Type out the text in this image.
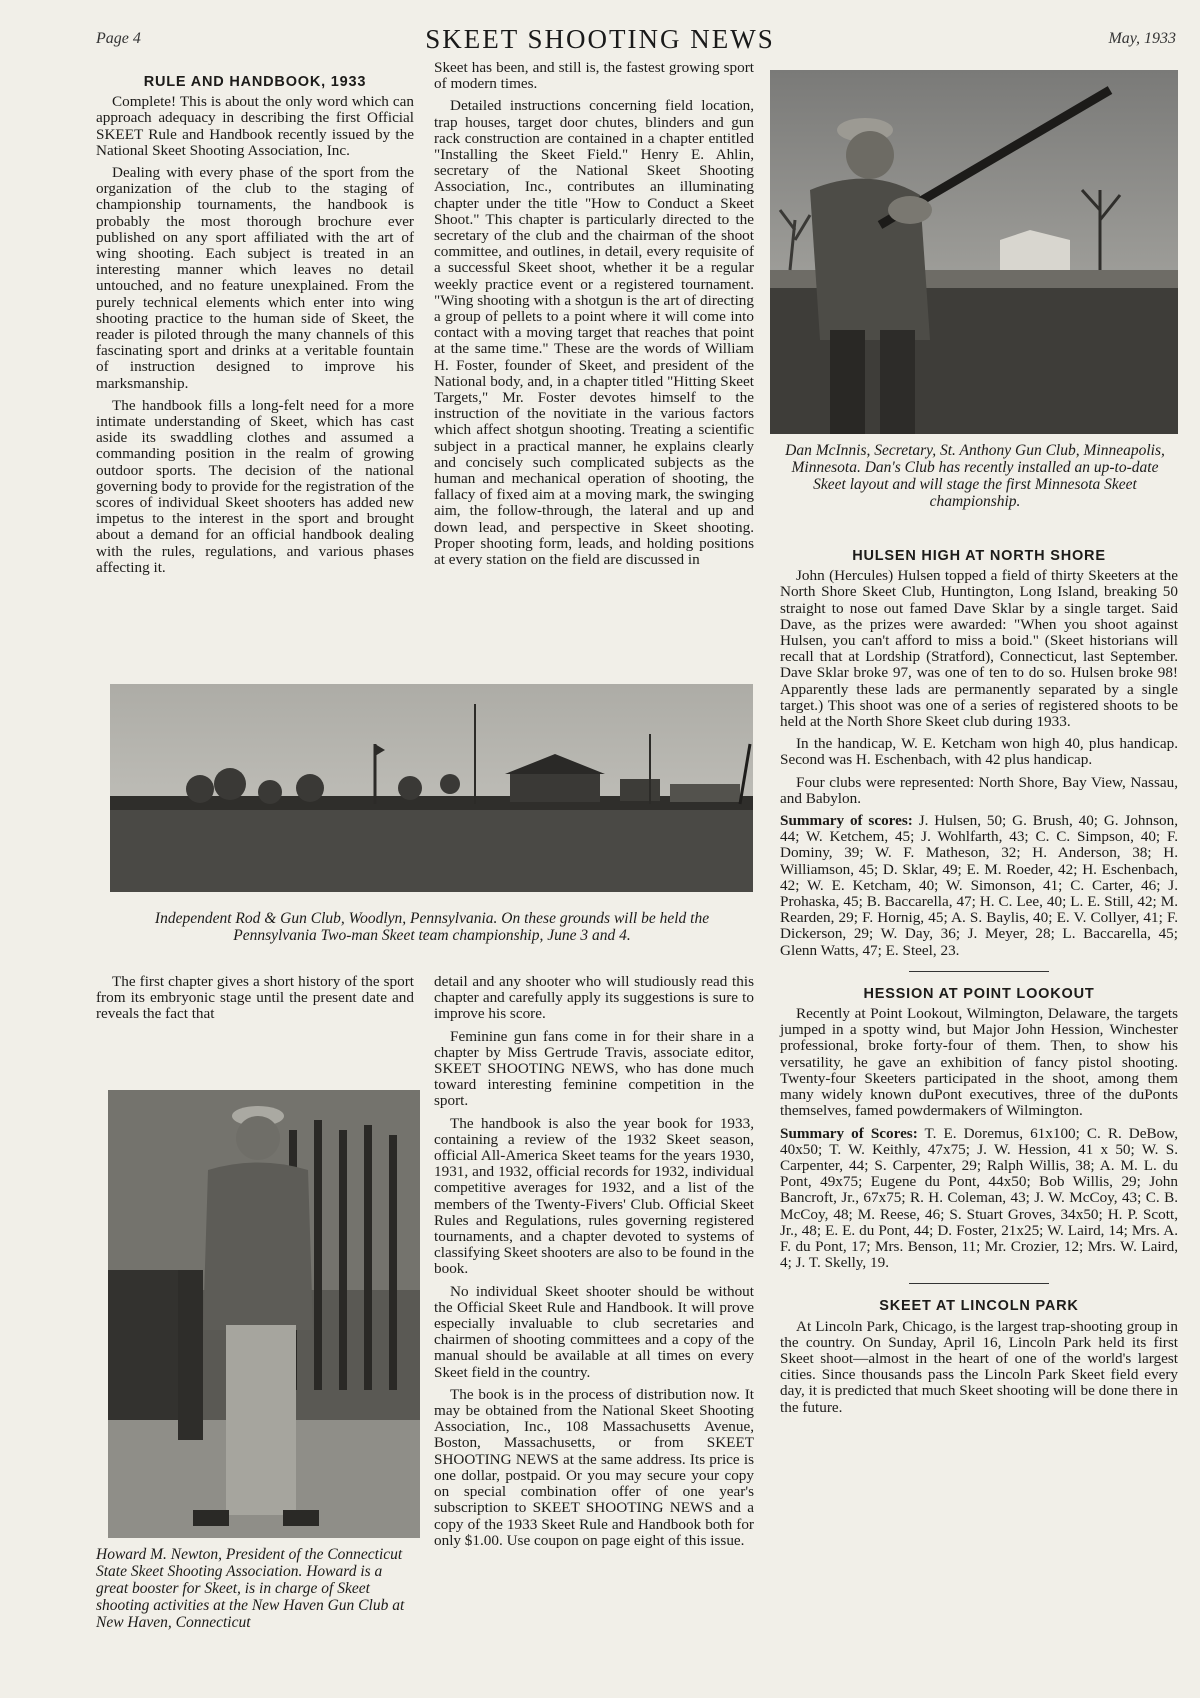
Page 4	SKEET SHOOTING NEWS	May, 1933
RULE AND HANDBOOK, 1933

Complete! This is about the only word which can approach adequacy in describing the first Official SKEET Rule and Handbook recently issued by the National Skeet Shooting Association, Inc.

Dealing with every phase of the sport from the organization of the club to the staging of championship tournaments, the handbook is probably the most thorough brochure ever published on any sport affiliated with the art of wing shooting. Each subject is treated in an interesting manner which leaves no detail untouched, and no feature unexplained. From the purely technical elements which enter into wing shooting practice to the human side of Skeet, the reader is piloted through the many channels of this fascinating sport and drinks at a veritable fountain of instruction designed to improve his marksmanship.

The handbook fills a long-felt need for a more intimate understanding of Skeet, which has cast aside its swaddling clothes and assumed a commanding position in the realm of growing outdoor sports. The decision of the national governing body to provide for the registration of the scores of individual Skeet shooters has added new impetus to the interest in the sport and brought about a demand for an official handbook dealing with the rules, regulations, and various phases affecting it.

Skeet has been, and still is, the fastest growing sport of modern times.

Detailed instructions concerning field location, trap houses, target door chutes, blinders and gun rack construction are contained in a chapter entitled "Installing the Skeet Field." Henry E. Ahlin, secretary of the National Skeet Shooting Association, Inc., contributes an illuminating chapter under the title "How to Conduct a Skeet Shoot." This chapter is particularly directed to the secretary of the club and the chairman of the shoot committee, and outlines, in detail, every requisite of a successful Skeet shoot, whether it be a regular weekly practice event or a registered tournament. "Wing shooting with a shotgun is the art of directing a group of pellets to a point where it will come into contact with a moving target that reaches that point at the same time." These are the words of William H. Foster, founder of Skeet, and president of the National body, and, in a chapter titled "Hitting Skeet Targets," Mr. Foster devotes himself to the instruction of the novitiate in the various factors which affect shotgun shooting. Treating a scientific subject in a practical manner, he explains clearly and concisely such complicated subjects as the human and mechanical operation of shooting, the fallacy of fixed aim at a moving mark, the swinging aim, the follow-through, the lateral and up and down lead, and perspective in Skeet shooting. Proper shooting form, leads, and holding positions at every station on the field are discussed in

Dan McInnis, Secretary, St. Anthony Gun Club, Minneapolis, Minnesota. Dan's Club has recently installed an up-to-date Skeet layout and will stage the first Minnesota Skeet championship.
HULSEN HIGH AT NORTH SHORE

John (Hercules) Hulsen topped a field of thirty Skeeters at the North Shore Skeet Club, Huntington, Long Island, breaking 50 straight to nose out famed Dave Sklar by a single target. Said Dave, as the prizes were awarded: "When you shoot against Hulsen, you can't afford to miss a boid." (Skeet historians will recall that at Lordship (Stratford), Connecticut, last September. Dave Sklar broke 97, was one of ten to do so. Hulsen broke 98! Apparently these lads are permanently separated by a single target.) This shoot was one of a series of registered shoots to be held at the North Shore Skeet club during 1933.

In the handicap, W. E. Ketcham won high 40, plus handicap. Second was H. Eschenbach, with 42 plus handicap.

Four clubs were represented: North Shore, Bay View, Nassau, and Babylon.

Summary of scores: J. Hulsen, 50; G. Brush, 40; G. Johnson, 44; W. Ketchem, 45; J. Wohlfarth, 43; C. C. Simpson, 40; F. Dominy, 39; W. F. Matheson, 32; H. Anderson, 38; H. Williamson, 45; D. Sklar, 49; E. M. Roeder, 42; H. Eschenbach, 42; W. E. Ketcham, 40; W. Simonson, 41; C. Carter, 46; J. Prohaska, 45; B. Baccarella, 47; H. C. Lee, 40; L. E. Still, 42; M. Rearden, 29; F. Hornig, 45; A. S. Baylis, 40; E. V. Collyer, 41; F. Dickerson, 29; W. Day, 36; J. Meyer, 28; L. Baccarella, 45; Glenn Watts, 47; E. Steel, 23.

HESSION AT POINT LOOKOUT

Recently at Point Lookout, Wilmington, Delaware, the targets jumped in a spotty wind, but Major John Hession, Winchester professional, broke forty-four of them. Then, to show his versatility, he gave an exhibition of fancy pistol shooting. Twenty-four Skeeters participated in the shoot, among them many widely known duPont executives, three of the duPonts themselves, famed powdermakers of Wilmington.

Summary of Scores: T. E. Doremus, 61x100; C. R. DeBow, 40x50; T. W. Keithly, 47x75; J. W. Hession, 41 x 50; W. S. Carpenter, 44; S. Carpenter, 29; Ralph Willis, 38; A. M. L. du Pont, 49x75; Eugene du Pont, 44x50; Bob Willis, 29; John Bancroft, Jr., 67x75; R. H. Coleman, 43; J. W. McCoy, 43; C. B. McCoy, 48; M. Reese, 46; S. Stuart Groves, 34x50; H. P. Scott, Jr., 48; E. E. du Pont, 44; D. Foster, 21x25; W. Laird, 14; Mrs. A. F. du Pont, 17; Mrs. Benson, 11; Mr. Crozier, 12; Mrs. W. Laird, 4; J. T. Skelly, 19.

SKEET AT LINCOLN PARK

At Lincoln Park, Chicago, is the largest trap-shooting group in the country. On Sunday, April 16, Lincoln Park held its first Skeet shoot—almost in the heart of one of the world's largest cities. Since thousands pass the Lincoln Park Skeet field every day, it is predicted that much Skeet shooting will be done there in the future.

Independent Rod & Gun Club, Woodlyn, Pennsylvania. On these grounds will be held the Pennsylvania Two-man Skeet team championship, June 3 and 4.

The first chapter gives a short history of the sport from its embryonic stage until the present date and reveals the fact that

Howard M. Newton, President of the Connecticut State Skeet Shooting Association. Howard is a great booster for Skeet, is in charge of Skeet shooting activities at the New Haven Gun Club at New Haven, Connecticut

detail and any shooter who will studiously read this chapter and carefully apply its suggestions is sure to improve his score.

Feminine gun fans come in for their share in a chapter by Miss Gertrude Travis, associate editor, SKEET SHOOTING NEWS, who has done much toward interesting feminine competition in the sport.

The handbook is also the year book for 1933, containing a review of the 1932 Skeet season, official All-America Skeet teams for the years 1930, 1931, and 1932, official records for 1932, individual competitive averages for 1932, and a list of the members of the Twenty-Fivers' Club. Official Skeet Rules and Regulations, rules governing registered tournaments, and a chapter devoted to systems of classifying Skeet shooters are also to be found in the book.

No individual Skeet shooter should be without the Official Skeet Rule and Handbook. It will prove especially invaluable to club secretaries and chairmen of shooting committees and a copy of the manual should be available at all times on every Skeet field in the country.

The book is in the process of distribution now. It may be obtained from the National Skeet Shooting Association, Inc., 108 Massachusetts Avenue, Boston, Massachusetts, or from SKEET SHOOTING NEWS at the same address. Its price is one dollar, postpaid. Or you may secure your copy on special combination offer of one year's subscription to SKEET SHOOTING NEWS and a copy of the 1933 Skeet Rule and Handbook both for only $1.00. Use coupon on page eight of this issue.
